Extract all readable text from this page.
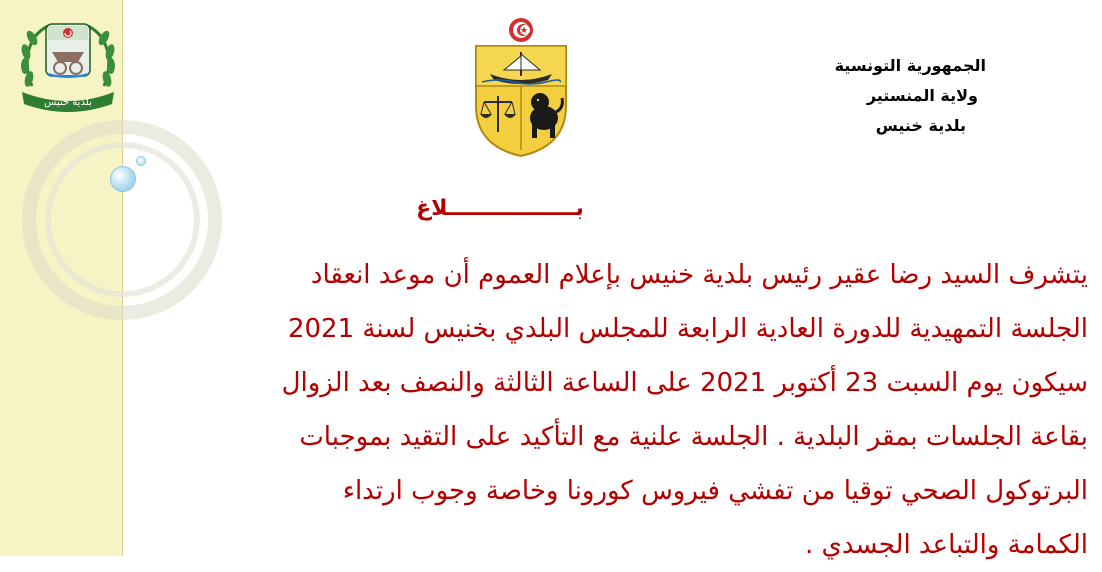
بلدية خنيس
الجمهورية التونسية
ولاية المنستير
بلدية خنيس
بـــــــــــــــــلاغ
يتشرف السيد رضا عقير رئيس بلدية خنيس بإعلام العموم أن موعد انعقاد
الجلسة التمهيدية للدورة العادية الرابعة للمجلس البلدي بخنيس لسنة 2021
سيكون يوم السبت 23 أكتوبر 2021 على الساعة الثالثة والنصف بعد الزوال
بقاعة الجلسات بمقر البلدية . الجلسة علنية مع التأكيد على التقيد بموجبات
البرتوكول الصحي توقيا من تفشي فيروس كورونا وخاصة وجوب ارتداء
الكمامة والتباعد الجسدي .
